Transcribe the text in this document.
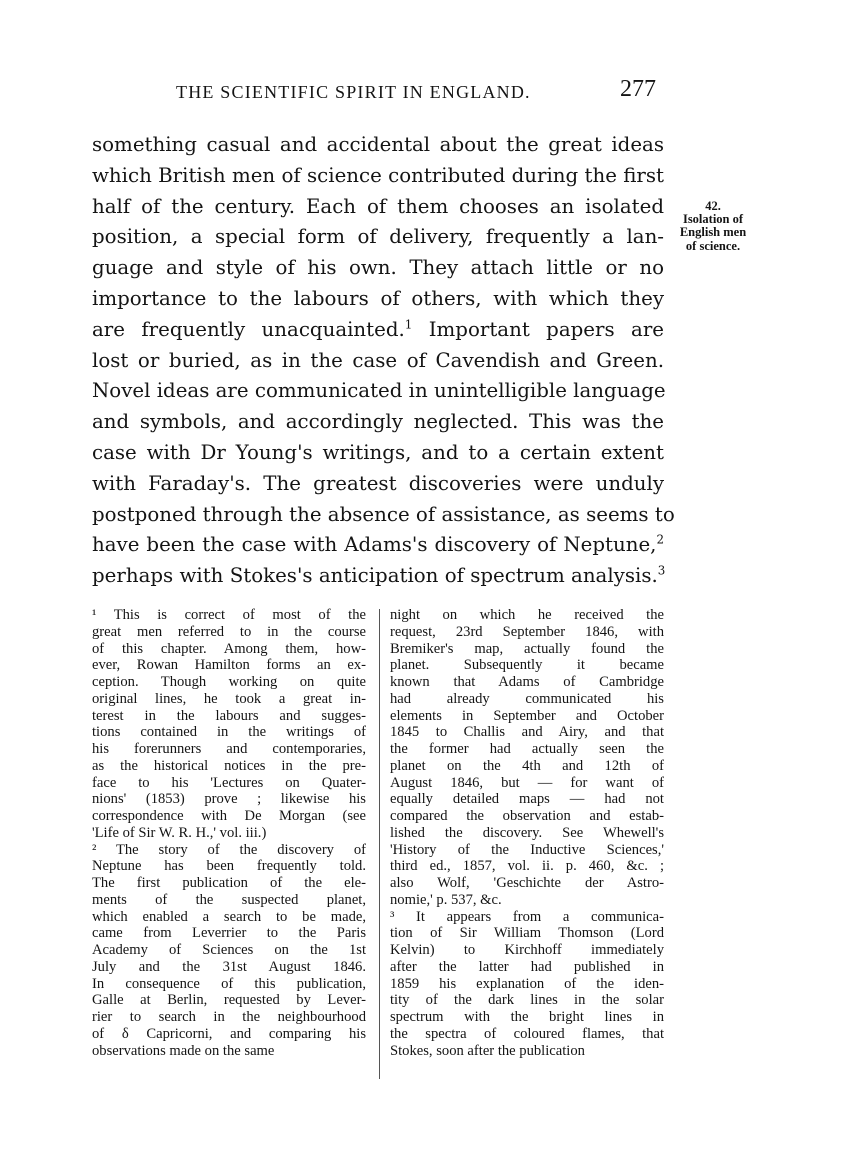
THE SCIENTIFIC SPIRIT IN ENGLAND.	277
something casual and accidental about the great ideas
which British men of science contributed during the first
half of the century. Each of them chooses an isolated
position, a special form of delivery, frequently a lan-
guage and style of his own. They attach little or no
importance to the labours of others, with which they
are frequently unacquainted.$^1$ Important papers are
lost or buried, as in the case of Cavendish and Green.
Novel ideas are communicated in unintelligible language
and symbols, and accordingly neglected. This was the
case with Dr Young's writings, and to a certain extent
with Faraday's. The greatest discoveries were unduly
postponed through the absence of assistance, as seems to
have been the case with Adams's discovery of Neptune,$^2$
perhaps with Stokes's anticipation of spectrum analysis.$^3$
42.
Isolation of
English men
of science.
¹ This is correct of most of the
great men referred to in the course
of this chapter. Among them, how-
ever, Rowan Hamilton forms an ex-
ception. Though working on quite
original lines, he took a great in-
terest in the labours and sugges-
tions contained in the writings of
his forerunners and contemporaries,
as the historical notices in the pre-
face to his 'Lectures on Quater-
nions' (1853) prove ; likewise his
correspondence with De Morgan (see
'Life of Sir W. R. H.,' vol. iii.)
² The story of the discovery of
Neptune has been frequently told.
The first publication of the ele-
ments of the suspected planet,
which enabled a search to be made,
came from Leverrier to the Paris
Academy of Sciences on the 1st
July and the 31st August 1846.
In consequence of this publication,
Galle at Berlin, requested by Lever-
rier to search in the neighbourhood
of δ Capricorni, and comparing his
observations made on the same
night on which he received the
request, 23rd September 1846, with
Bremiker's map, actually found the
planet. Subsequently it became
known that Adams of Cambridge
had already communicated his
elements in September and October
1845 to Challis and Airy, and that
the former had actually seen the
planet on the 4th and 12th of
August 1846, but — for want of
equally detailed maps — had not
compared the observation and estab-
lished the discovery. See Whewell's
'History of the Inductive Sciences,'
third ed., 1857, vol. ii. p. 460, &c. ;
also Wolf, 'Geschichte der Astro-
nomie,' p. 537, &c.
³ It appears from a communica-
tion of Sir William Thomson (Lord
Kelvin) to Kirchhoff immediately
after the latter had published in
1859 his explanation of the iden-
tity of the dark lines in the solar
spectrum with the bright lines in
the spectra of coloured flames, that
Stokes, soon after the publication
